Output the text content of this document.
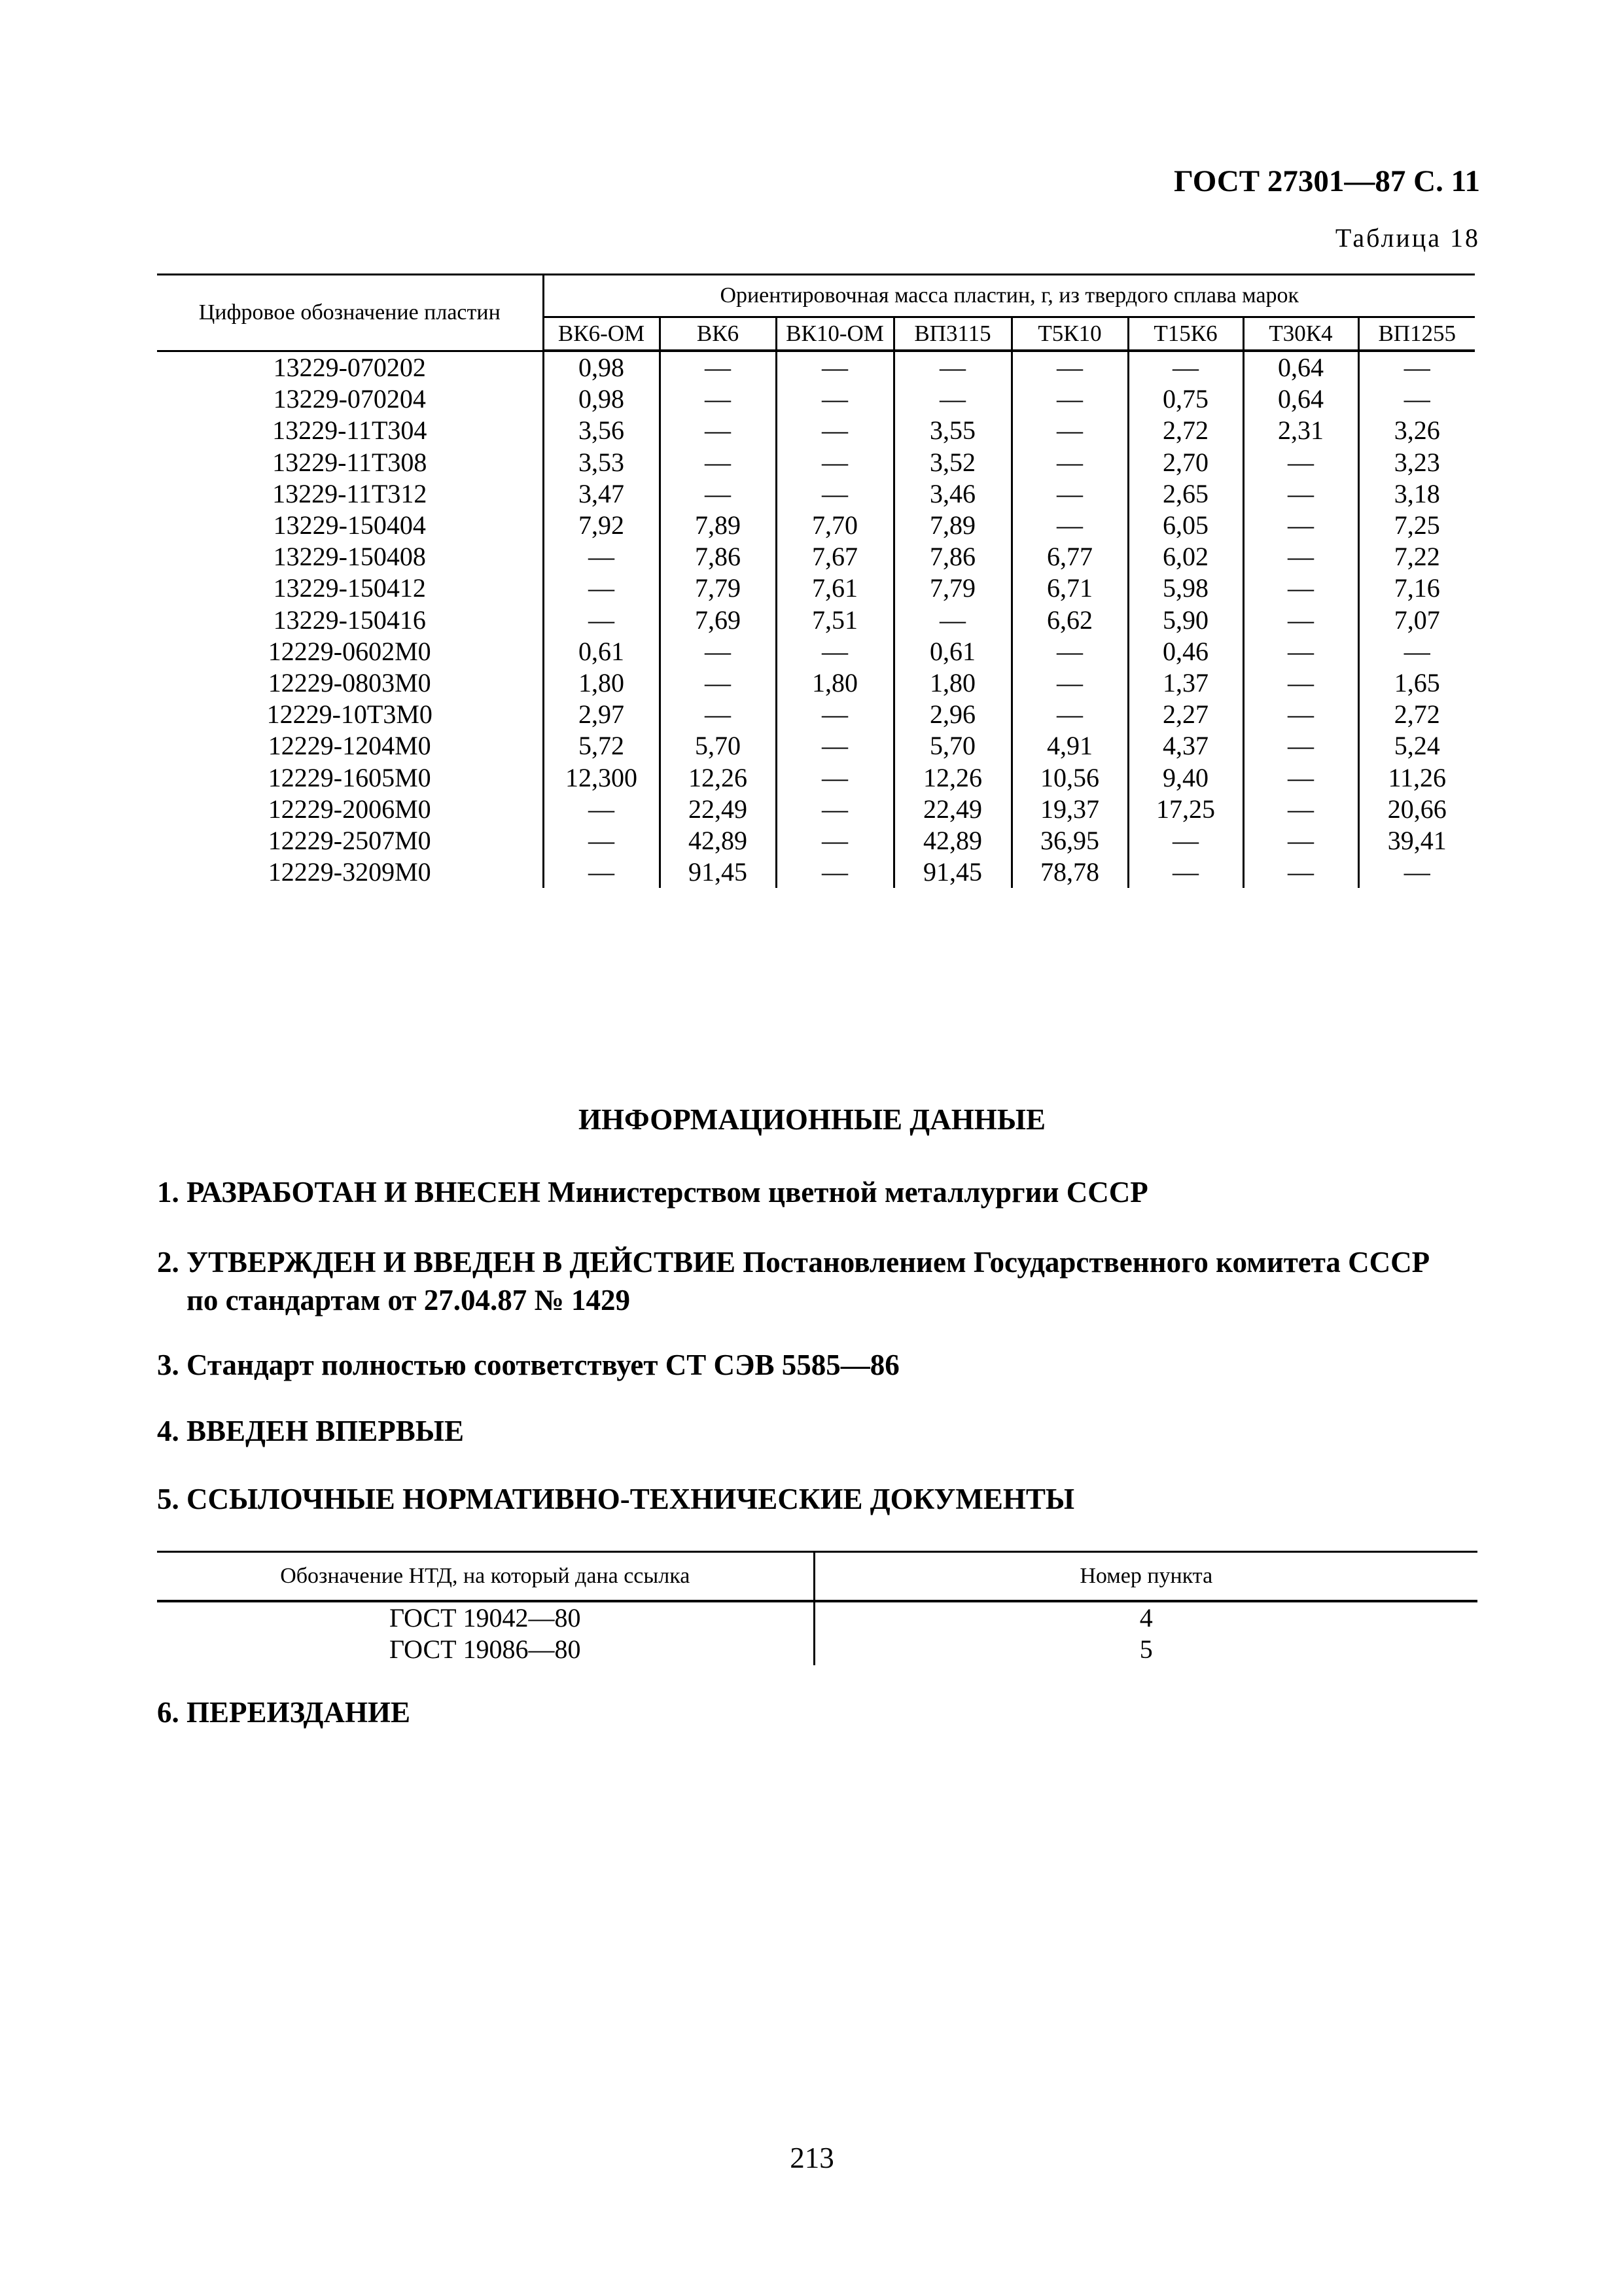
ГОСТ 27301—87 С. 11
Таблица 18
Цифровое обозначение пластин	Ориентировочная масса пластин, г, из твердого сплава марок							
	ВК6-ОМ	ВК6	ВК10-ОМ	ВП3115	Т5К10	Т15К6	Т30К4	ВП1255
13229-070202	0,98	—	—	—	—	—	0,64	—
13229-070204	0,98	—	—	—	—	0,75	0,64	—
13229-11Т304	3,56	—	—	3,55	—	2,72	2,31	3,26
13229-11Т308	3,53	—	—	3,52	—	2,70	—	3,23
13229-11Т312	3,47	—	—	3,46	—	2,65	—	3,18
13229-150404	7,92	7,89	7,70	7,89	—	6,05	—	7,25
13229-150408	—	7,86	7,67	7,86	6,77	6,02	—	7,22
13229-150412	—	7,79	7,61	7,79	6,71	5,98	—	7,16
13229-150416	—	7,69	7,51	—	6,62	5,90	—	7,07
12229-0602М0	0,61	—	—	0,61	—	0,46	—	—
12229-0803М0	1,80	—	1,80	1,80	—	1,37	—	1,65
12229-10Т3М0	2,97	—	—	2,96	—	2,27	—	2,72
12229-1204М0	5,72	5,70	—	5,70	4,91	4,37	—	5,24
12229-1605М0	12,300	12,26	—	12,26	10,56	9,40	—	11,26
12229-2006М0	—	22,49	—	22,49	19,37	17,25	—	20,66
12229-2507М0	—	42,89	—	42,89	36,95	—	—	39,41
12229-3209М0	—	91,45	—	91,45	78,78	—	—	—
ИНФОРМАЦИОННЫЕ ДАННЫЕ
1. РАЗРАБОТАН И ВНЕСЕН Министерством цветной металлургии СССР
2. УТВЕРЖДЕН И ВВЕДЕН В ДЕЙСТВИЕ Постановлением Государственного комитета СССР
по стандартам от 27.04.87 № 1429
3. Стандарт полностью соответствует СТ СЭВ 5585—86
4. ВВЕДЕН ВПЕРВЫЕ
5. ССЫЛОЧНЫЕ НОРМАТИВНО-ТЕХНИЧЕСКИЕ ДОКУМЕНТЫ
Обозначение НТД, на который дана ссылка	Номер пункта
ГОСТ 19042—80	4
ГОСТ 19086—80	5
6. ПЕРЕИЗДАНИЕ
213
